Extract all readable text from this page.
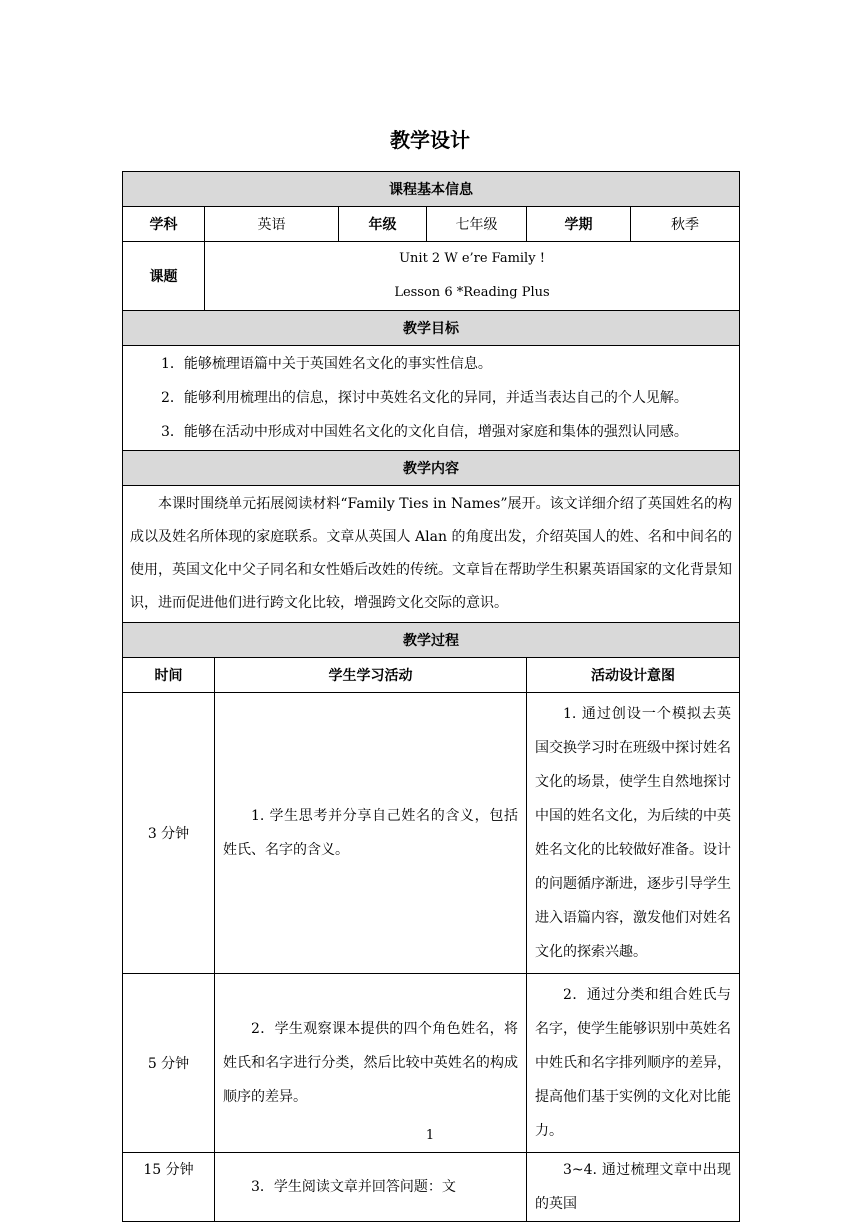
教学设计
课程基本信息						
学科	英语		年级	七年级	学期	秋季
课题	Unit 2 W e’re Family !
Lesson 6 *Reading Plus					

教学目标						

1．能够梳理语篇中关于英国姓名文化的事实性信息。
2．能够利用梳理出的信息，探讨中英姓名文化的异同，并适当表达自己的个人见解。
3．能够在活动中形成对中国姓名文化的文化自信，增强对家庭和集体的强烈认同感。						

教学内容						
本课时围绕单元拓展阅读材料“Family Ties in Names”展开。该文详细介绍了英国姓名的构成以及姓名所体现的家庭联系。文章从英国人 Alan 的角度出发，介绍英国人的姓、名和中间名的使用，英国文化中父子同名和女性婚后改姓的传统。文章旨在帮助学生积累英语国家的文化背景知识，进而促进他们进行跨文化比较，增强跨文化交际的意识。						
教学过程						
时间		学生学习活动			活动设计意图	
3 分钟		1. 学生思考并分享自己姓名的含义，包括姓氏、名字的含义。			1. 通过创设一个模拟去英国交换学习时在班级中探讨姓名文化的场景，使学生自然地探讨中国的姓名文化，为后续的中英姓名文化的比较做好准备。设计的问题循序渐进，逐步引导学生进入语篇内容，激发他们对姓名文化的探索兴趣。	

5 分钟		2．学生观察课本提供的四个角色姓名，将姓氏和名字进行分类，然后比较中英姓名的构成顺序的差异。			2．通过分类和组合姓氏与名字，使学生能够识别中英姓名中姓氏和名字排列顺序的差异，提高他们基于实例的文化对比能力。	

15 分钟		3．学生阅读文章并回答问题：文			3~4. 通过梳理文章中出现的英国	
1
